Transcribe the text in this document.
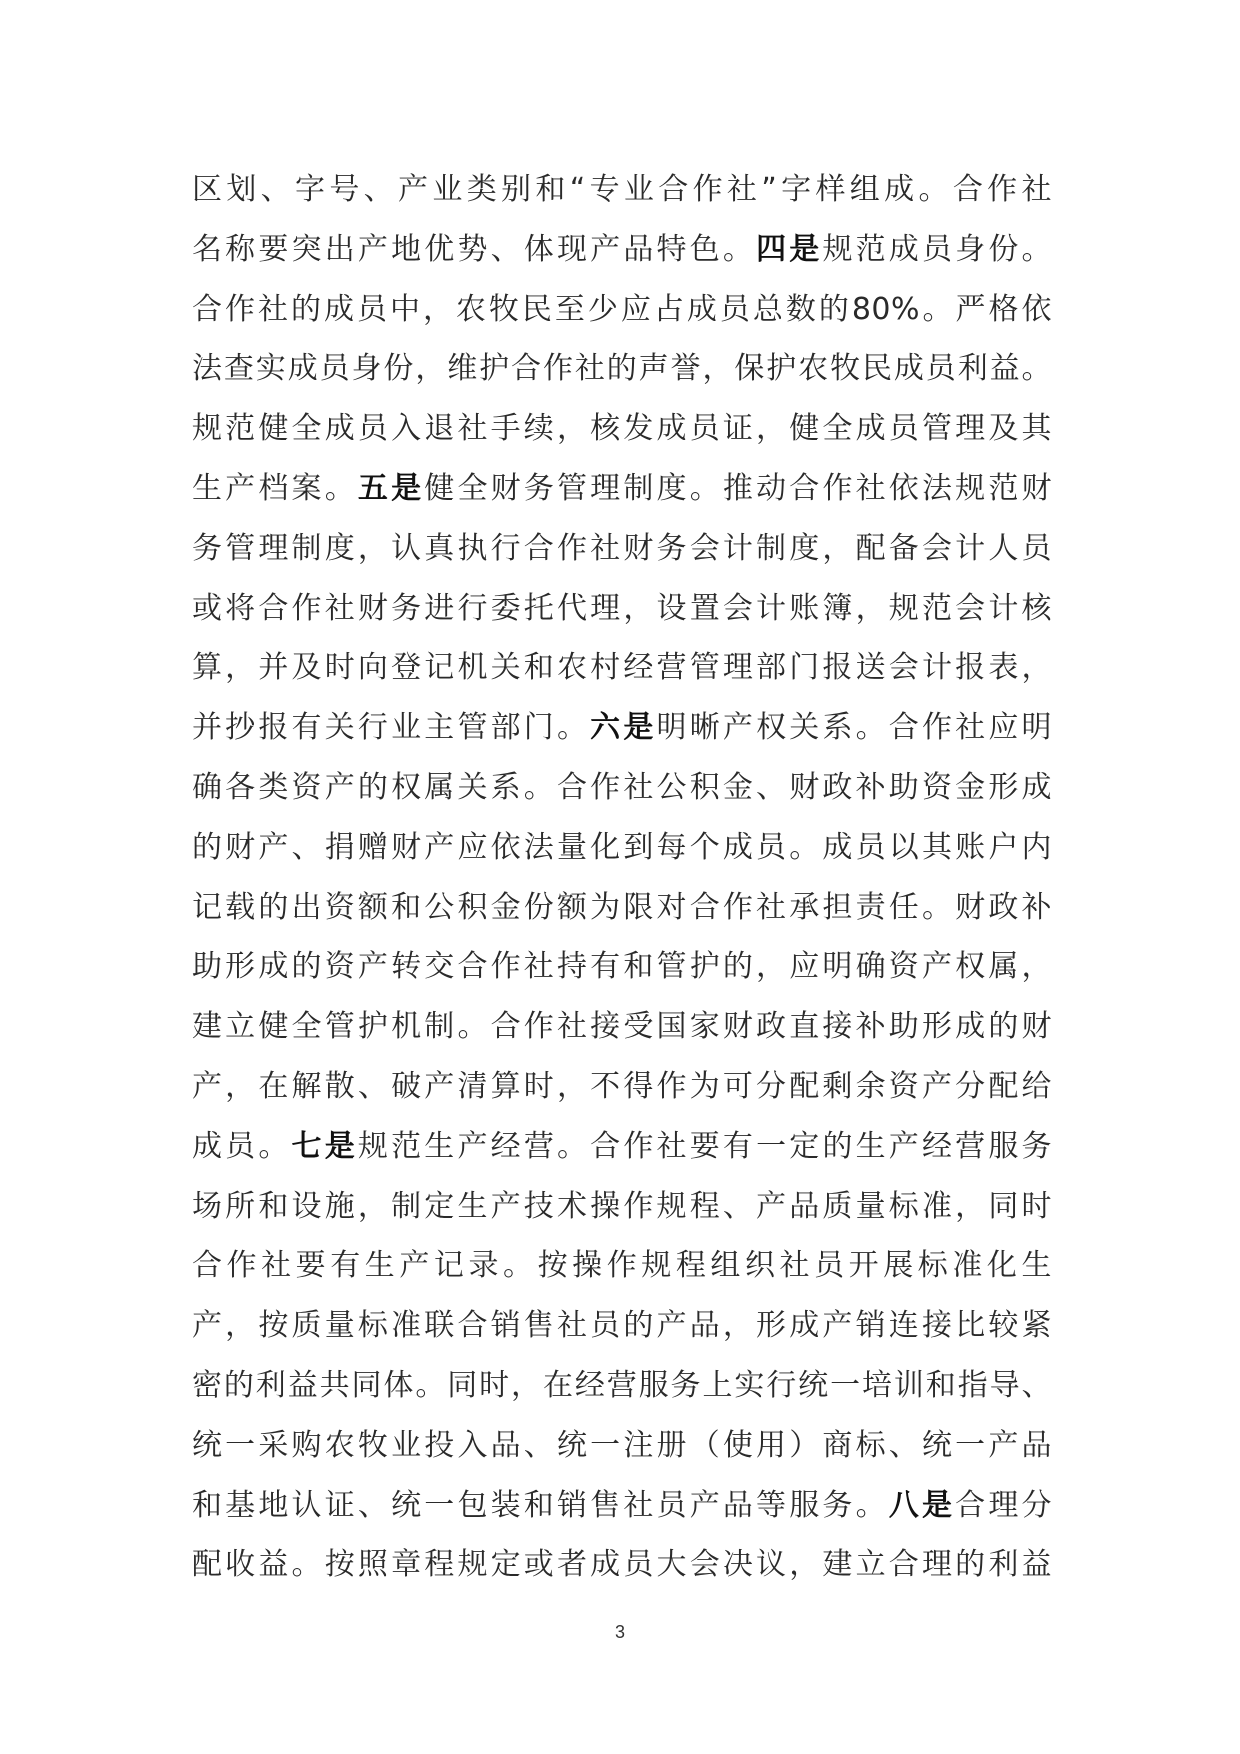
区划、字号、产业类别和“专业合作社”字样组成。合作社
名称要突出产地优势、体现产品特色。四是规范成员身份。
合作社的成员中，农牧民至少应占成员总数的80%。严格依
法查实成员身份，维护合作社的声誉，保护农牧民成员利益。
规范健全成员入退社手续，核发成员证，健全成员管理及其
生产档案。五是健全财务管理制度。推动合作社依法规范财
务管理制度，认真执行合作社财务会计制度，配备会计人员
或将合作社财务进行委托代理，设置会计账簿，规范会计核
算，并及时向登记机关和农村经营管理部门报送会计报表，
并抄报有关行业主管部门。六是明晰产权关系。合作社应明
确各类资产的权属关系。合作社公积金、财政补助资金形成
的财产、捐赠财产应依法量化到每个成员。成员以其账户内
记载的出资额和公积金份额为限对合作社承担责任。财政补
助形成的资产转交合作社持有和管护的，应明确资产权属，
建立健全管护机制。合作社接受国家财政直接补助形成的财
产，在解散、破产清算时，不得作为可分配剩余资产分配给
成员。七是规范生产经营。合作社要有一定的生产经营服务
场所和设施，制定生产技术操作规程、产品质量标准，同时
合作社要有生产记录。按操作规程组织社员开展标准化生
产，按质量标准联合销售社员的产品，形成产销连接比较紧
密的利益共同体。同时，在经营服务上实行统一培训和指导、
统一采购农牧业投入品、统一注册（使用）商标、统一产品
和基地认证、统一包装和销售社员产品等服务。八是合理分
配收益。按照章程规定或者成员大会决议，建立合理的利益
3
